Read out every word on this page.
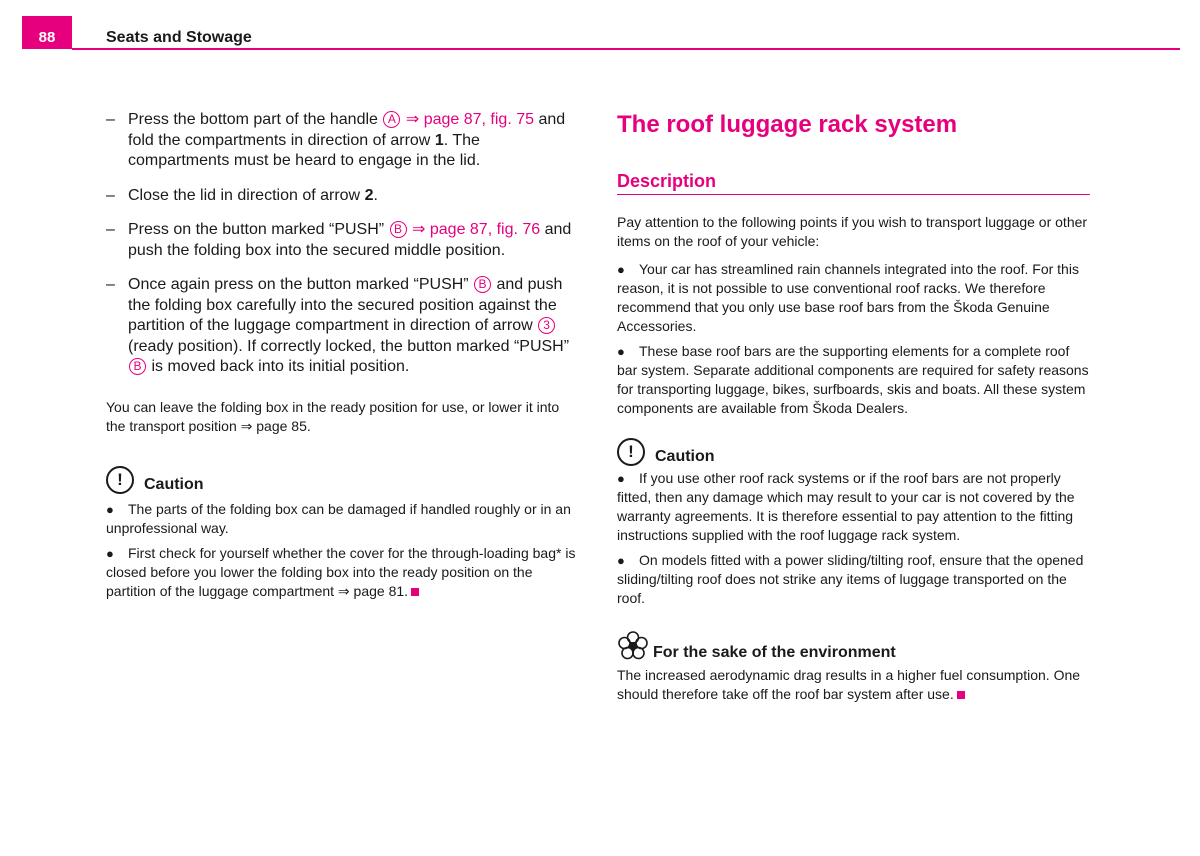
88	Seats and Stowage
– Press the bottom part of the handle A ⇒ page 87, fig. 75 and fold the compartments in direction of arrow 1. The compartments must be heard to engage in the lid.
– Close the lid in direction of arrow 2.
– Press on the button marked “PUSH” B ⇒ page 87, fig. 76 and push the folding box into the secured middle position.
– Once again press on the button marked “PUSH” B and push the folding box carefully into the secured position against the partition of the luggage compartment in direction of arrow 3 (ready position). If correctly locked, the button marked “PUSH” B is moved back into its initial position.
You can leave the folding box in the ready position for use, or lower it into the transport position ⇒ page 85.
!	Caution
● The parts of the folding box can be damaged if handled roughly or in an unprofessional way.
● First check for yourself whether the cover for the through-loading bag* is closed before you lower the folding box into the ready position on the partition of the luggage compartment ⇒ page 81.
The roof luggage rack system
Description
Pay attention to the following points if you wish to transport luggage or other items on the roof of your vehicle:
● Your car has streamlined rain channels integrated into the roof. For this reason, it is not possible to use conventional roof racks. We therefore recommend that you only use base roof bars from the Škoda Genuine Accessories.
● These base roof bars are the supporting elements for a complete roof bar system. Separate additional components are required for safety reasons for transporting luggage, bikes, surfboards, skis and boats. All these system components are available from Škoda Dealers.
!	Caution
● If you use other roof rack systems or if the roof bars are not properly fitted, then any damage which may result to your car is not covered by the warranty agreements. It is therefore essential to pay attention to the fitting instructions supplied with the roof luggage rack system.
● On models fitted with a power sliding/tilting roof, ensure that the opened sliding/tilting roof does not strike any items of luggage transported on the roof.
For the sake of the environment
The increased aerodynamic drag results in a higher fuel consumption. One should therefore take off the roof bar system after use.
